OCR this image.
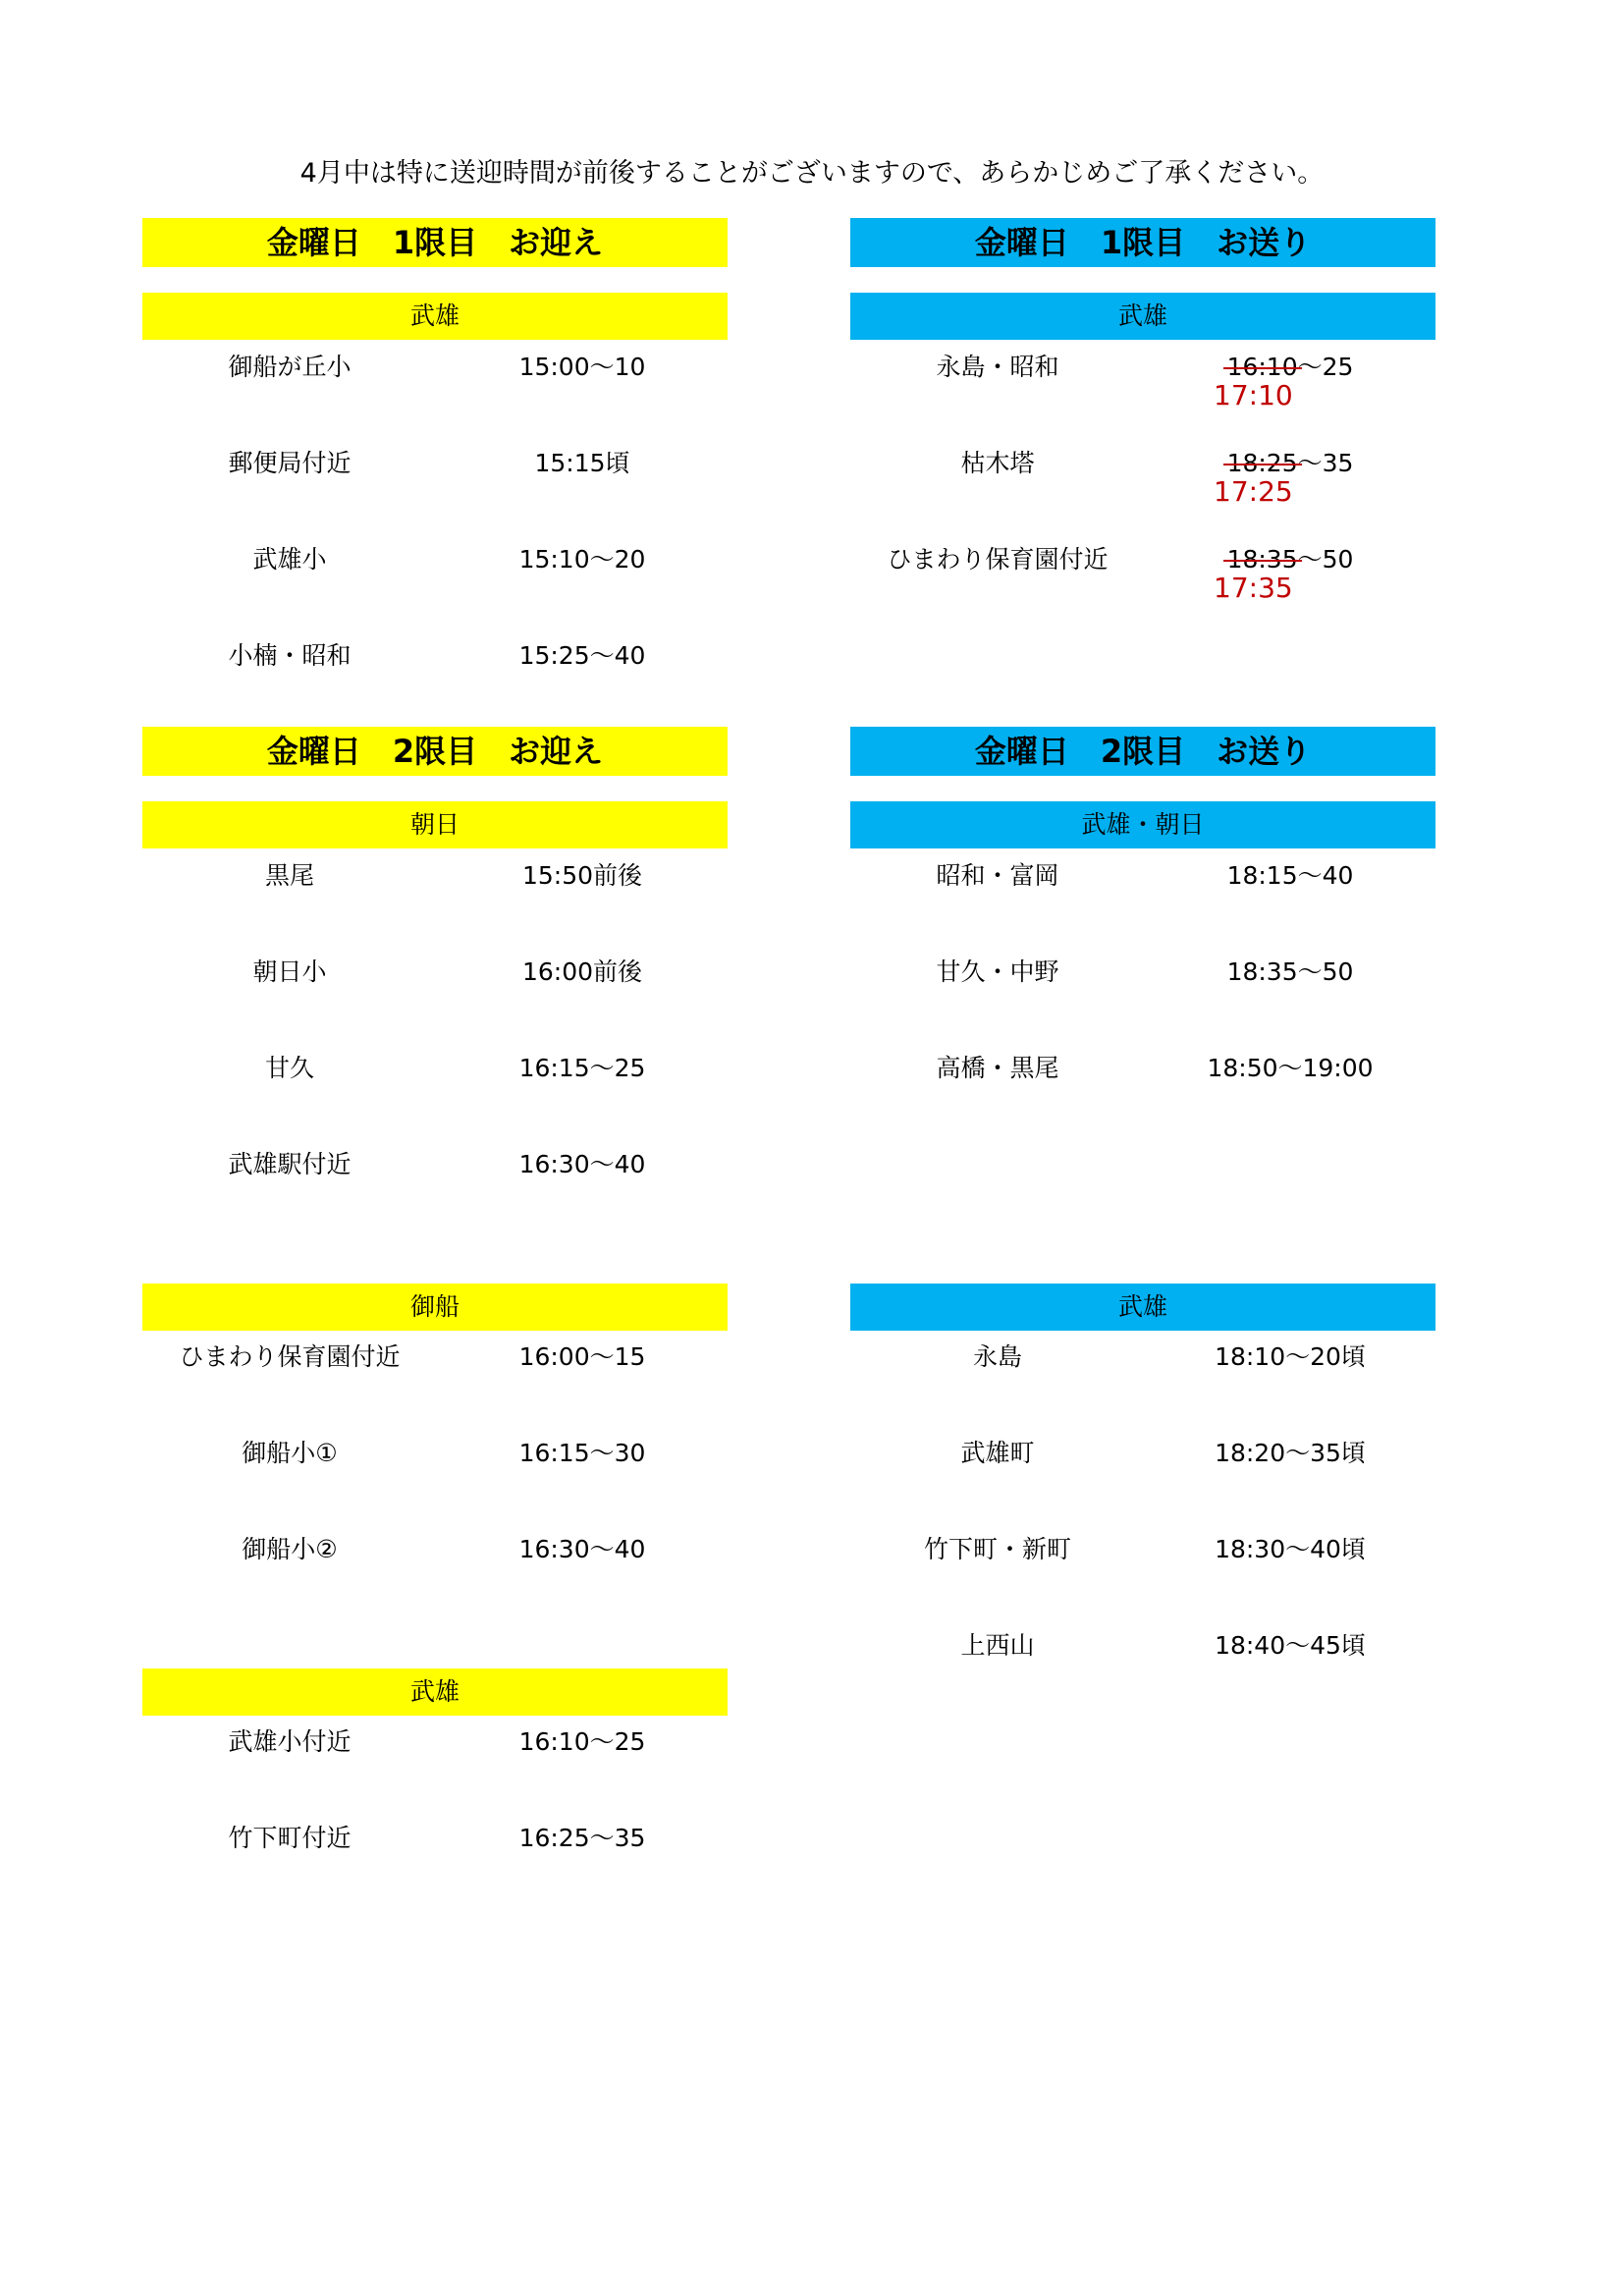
4月中は特に送迎時間が前後することがございますので、あらかじめご了承ください。
金曜日　1限目　お迎え
武雄
御船が丘小	15:00〜10
郵便局付近	15:15頃
武雄小	15:10〜20
小楠・昭和	15:25〜40
金曜日　2限目　お迎え
朝日
黒尾	15:50前後
朝日小	16:00前後
甘久	16:15〜25
武雄駅付近	16:30〜40
御船
ひまわり保育園付近	16:00〜15
御船小①	16:15〜30
御船小②	16:30〜40
武雄
武雄小付近	16:10〜25
竹下町付近	16:25〜35
金曜日　1限目　お送り
武雄
永島・昭和	16:10〜25
17:10
枯木塔	18:25〜35
17:25
ひまわり保育園付近	18:35〜50
17:35
金曜日　2限目　お送り
武雄・朝日
昭和・富岡	18:15〜40
甘久・中野	18:35〜50
高橋・黒尾	18:50〜19:00
武雄
永島	18:10〜20頃
武雄町	18:20〜35頃
竹下町・新町	18:30〜40頃
上西山	18:40〜45頃
